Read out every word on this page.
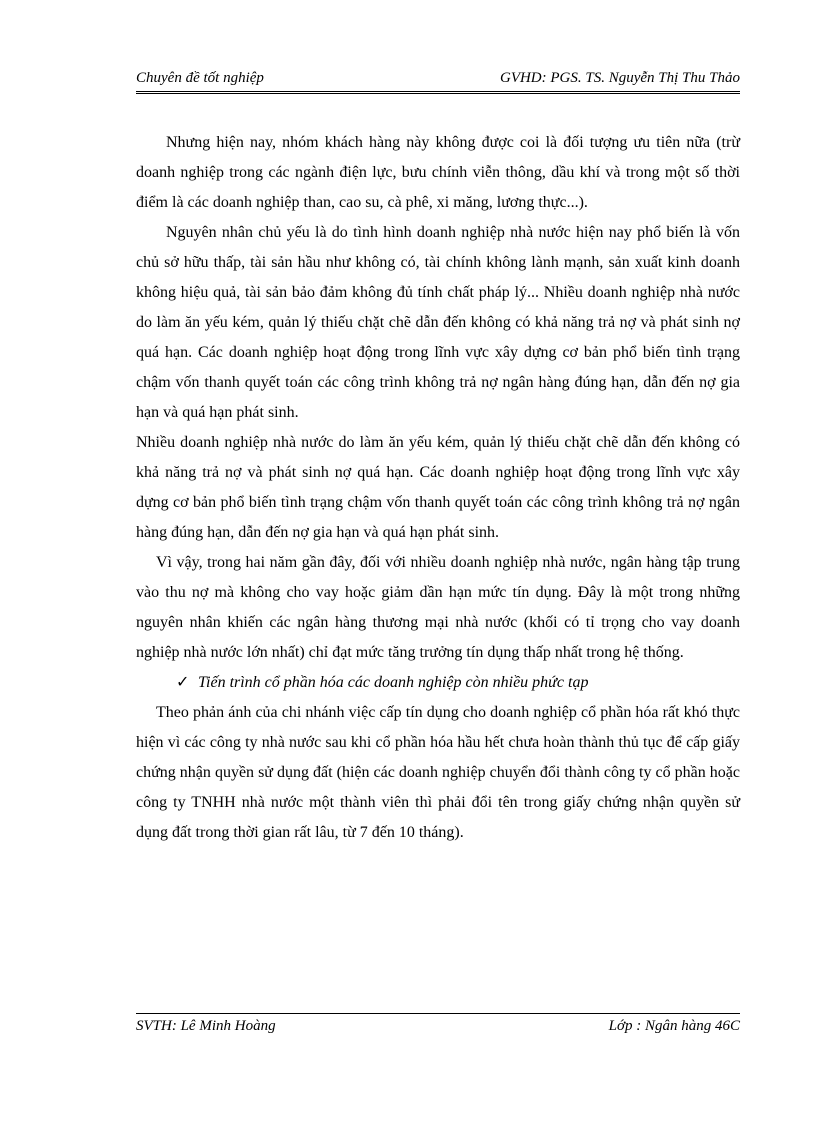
Chuyên đề tốt nghiệp	GVHD: PGS. TS. Nguyễn Thị Thu Thảo

Nhưng hiện nay, nhóm khách hàng này không được coi là đối tượng ưu tiên nữa (trừ doanh nghiệp trong các ngành điện lực, bưu chính viễn thông, dầu khí và trong một số thời điểm là các doanh nghiệp than, cao su, cà phê, xi măng, lương thực...).

Nguyên nhân chủ yếu là do tình hình doanh nghiệp nhà nước hiện nay phổ biến là vốn chủ sở hữu thấp, tài sản hầu như không có, tài chính không lành mạnh, sản xuất kinh doanh không hiệu quả, tài sản bảo đảm không đủ tính chất pháp lý... Nhiều doanh nghiệp nhà nước do làm ăn yếu kém, quản lý thiếu chặt chẽ dẫn đến không có khả năng trả nợ và phát sinh nợ quá hạn. Các doanh nghiệp hoạt động trong lĩnh vực xây dựng cơ bản phổ biến tình trạng chậm vốn thanh quyết toán các công trình không trả nợ ngân hàng đúng hạn, dẫn đến nợ gia hạn và quá hạn phát sinh.

Nhiều doanh nghiệp nhà nước do làm ăn yếu kém, quản lý thiếu chặt chẽ dẫn đến không có khả năng trả nợ và phát sinh nợ quá hạn. Các doanh nghiệp hoạt động trong lĩnh vực xây dựng cơ bản phổ biến tình trạng chậm vốn thanh quyết toán các công trình không trả nợ ngân hàng đúng hạn, dẫn đến nợ gia hạn và quá hạn phát sinh.

Vì vậy, trong hai năm gần đây, đối với nhiều doanh nghiệp nhà nước, ngân hàng tập trung vào thu nợ mà không cho vay hoặc giảm dần hạn mức tín dụng. Đây là một trong những nguyên nhân khiến các ngân hàng thương mại nhà nước (khối có tỉ trọng cho vay doanh nghiệp nhà nước lớn nhất) chỉ đạt mức tăng trưởng tín dụng thấp nhất trong hệ thống.

✓ Tiến trình cổ phần hóa các doanh nghiệp còn nhiều phức tạp

Theo phản ánh của chi nhánh việc cấp tín dụng cho doanh nghiệp cổ phần hóa rất khó thực hiện vì các công ty nhà nước sau khi cổ phần hóa hầu hết chưa hoàn thành thủ tục để cấp giấy chứng nhận quyền sử dụng đất (hiện các doanh nghiệp chuyển đổi thành công ty cổ phần hoặc công ty TNHH nhà nước một thành viên thì phải đổi tên trong giấy chứng nhận quyền sử dụng đất trong thời gian rất lâu, từ 7 đến 10 tháng).

SVTH: Lê Minh Hoàng	Lớp : Ngân hàng 46C
